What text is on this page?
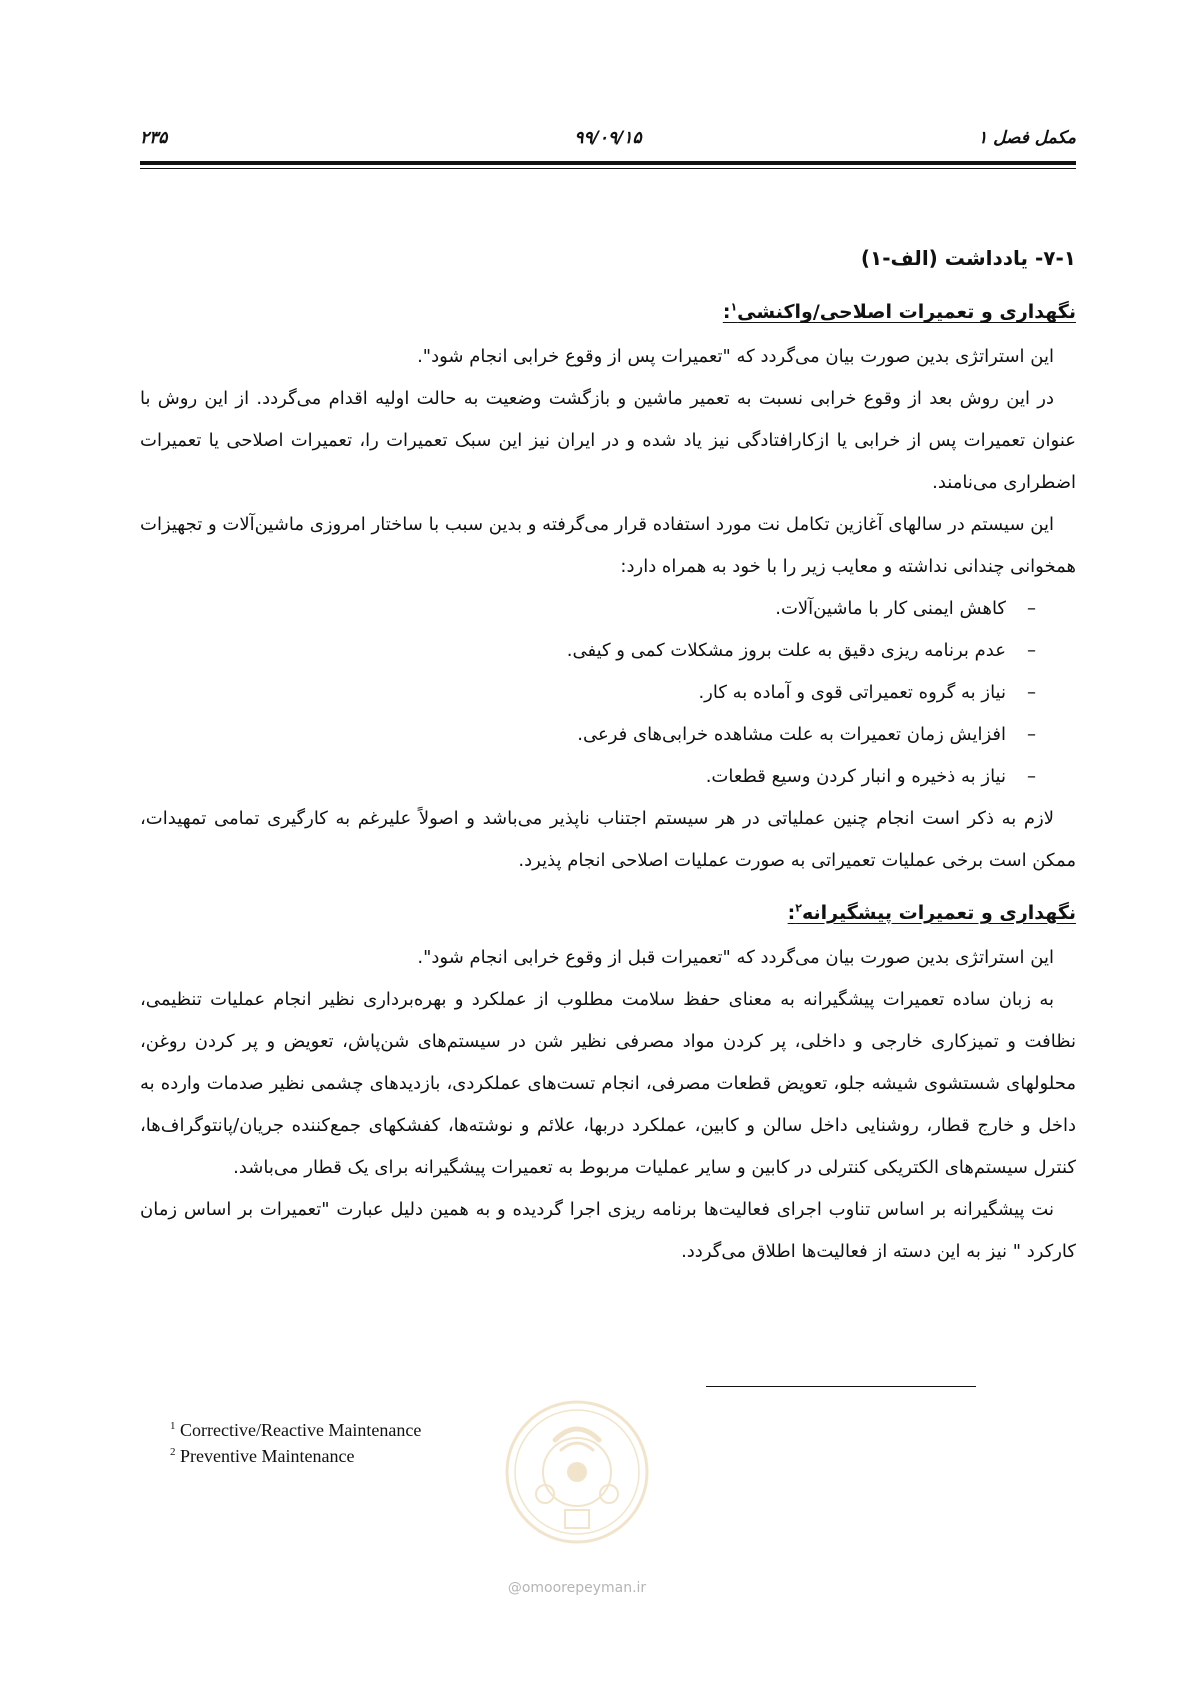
مکمل فصل ۱
۹۹/۰۹/۱۵
۲۳۵
۷-۱- یادداشت (الف-۱)
نگهداری و تعمیرات اصلاحی/واکنشی$^۱$:

این استراتژی بدین صورت بیان می‌گردد که "تعمیرات پس از وقوع خرابی انجام شود".

در این روش بعد از وقوع خرابی نسبت به تعمیر ماشین و بازگشت وضعیت به حالت اولیه اقدام می‌گردد. از این روش با عنوان تعمیرات پس از خرابی یا ازکارافتادگی نیز یاد شده و در ایران نیز این سبک تعمیرات را، تعمیرات اصلاحی یا تعمیرات اضطراری می‌نامند.

این سیستم در سالهای آغازین تکامل نت مورد استفاده قرار می‌گرفته و بدین سبب با ساختار امروزی ماشین‌آلات و تجهیزات همخوانی چندانی نداشته و معایب زیر را با خود به همراه دارد:

– کاهش ایمنی کار با ماشین‌آلات.
– عدم برنامه ریزی دقیق به علت بروز مشکلات کمی و کیفی.
– نیاز به گروه تعمیراتی قوی و آماده به کار.
– افزایش زمان تعمیرات به علت مشاهده خرابی‌های فرعی.
– نیاز به ذخیره و انبار کردن وسیع قطعات.

لازم به ذکر است انجام چنین عملیاتی در هر سیستم اجتناب ناپذیر می‌باشد و اصولاً علیرغم به کارگیری تمامی تمهیدات، ممکن است برخی عملیات تعمیراتی به صورت عملیات اصلاحی انجام پذیرد.

نگهداری و تعمیرات پیشگیرانه$^۲$:

این استراتژی بدین صورت بیان می‌گردد که "تعمیرات قبل از وقوع خرابی انجام شود".

به زبان ساده تعمیرات پیشگیرانه به معنای حفظ سلامت مطلوب از عملکرد و بهره‌برداری نظیر انجام عملیات تنظیمی، نظافت و تمیزکاری خارجی و داخلی، پر کردن مواد مصرفی نظیر شن در سیستم‌های شن‌پاش، تعویض و پر کردن روغن، محلولهای شستشوی شیشه جلو، تعویض قطعات مصرفی، انجام تست‌های عملکردی، بازدیدهای چشمی نظیر صدمات وارده به داخل و خارج قطار، روشنایی داخل سالن و کابین، عملکرد دربها، علائم و نوشته‌ها، کفشکهای جمع‌کننده جریان/پانتوگراف‌ها، کنترل سیستم‌های الکتریکی کنترلی در کابین و سایر عملیات مربوط به تعمیرات پیشگیرانه برای یک قطار می‌باشد.

نت پیشگیرانه بر اساس تناوب اجرای فعالیت‌ها برنامه ریزی اجرا گردیده و به همین دلیل عبارت "تعمیرات بر اساس زمان کارکرد " نیز به این دسته از فعالیت‌ها اطلاق می‌گردد.

$^1$ Corrective/Reactive Maintenance
$^2$ Preventive Maintenance
@omoorepeyman.ir
